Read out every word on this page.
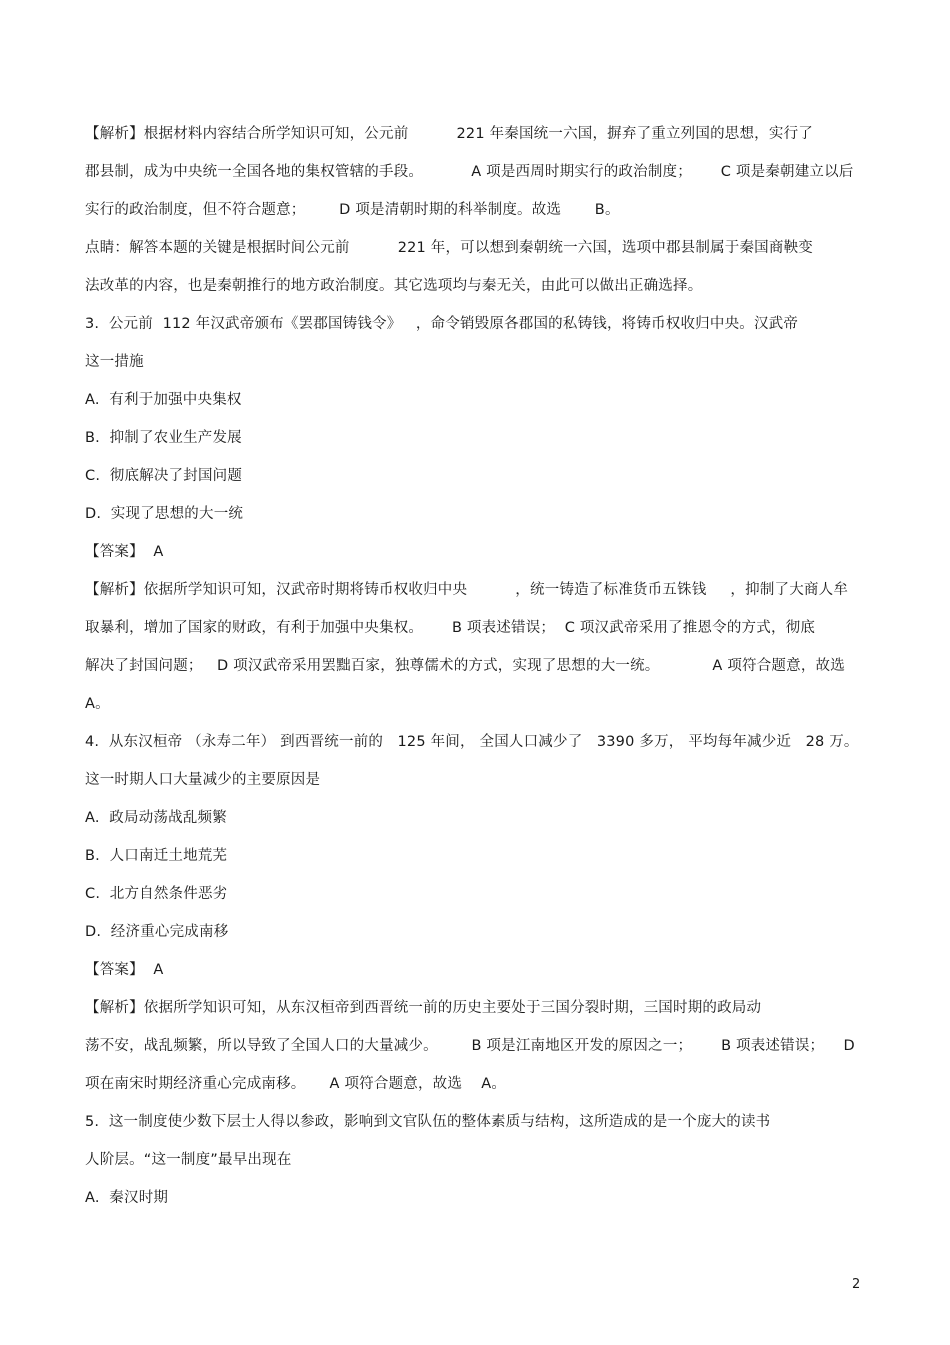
【解析】根据材料内容结合所学知识可知，公元前          221 年秦国统一六国，摒弃了重立列国的思想，实行了
郡县制，成为中央统一全国各地的集权管辖的手段。          A 项是西周时期实行的政治制度；      C 项是秦朝建立以后
实行的政治制度，但不符合题意；       D 项是清朝时期的科举制度。故选       B。
点睛：解答本题的关键是根据时间公元前          221 年，可以想到秦朝统一六国，选项中郡县制属于秦国商鞅变
法改革的内容，也是秦朝推行的地方政治制度。其它选项均与秦无关，由此可以做出正确选择。
3.  公元前  112 年汉武帝颁布《罢郡国铸钱令》   ，命令销毁原各郡国的私铸钱，将铸币权收归中央。汉武帝
这一措施
A.  有利于加强中央集权
B.  抑制了农业生产发展
C.  彻底解决了封国问题
D.  实现了思想的大一统
【答案】  A
【解析】依据所学知识可知，汉武帝时期将铸币权收归中央          ，统一铸造了标准货币五铢钱     ，抑制了大商人牟
取暴利，增加了国家的财政，有利于加强中央集权。      B 项表述错误；  C 项汉武帝采用了推恩令的方式，彻底
解决了封国问题；   D 项汉武帝采用罢黜百家，独尊儒术的方式，实现了思想的大一统。           A 项符合题意，故选
A。
4.  从东汉桓帝 （永寿二年） 到西晋统一前的   125 年间， 全国人口减少了   3390 多万， 平均每年减少近   28 万。
这一时期人口大量减少的主要原因是
A.  政局动荡战乱频繁
B.  人口南迁土地荒芜
C.  北方自然条件恶劣
D.  经济重心完成南移
【答案】  A
【解析】依据所学知识可知，从东汉桓帝到西晋统一前的历史主要处于三国分裂时期，三国时期的政局动
荡不安，战乱频繁，所以导致了全国人口的大量减少。       B 项是江南地区开发的原因之一；      B 项表述错误；    D
项在南宋时期经济重心完成南移。     A 项符合题意，故选    A。
5.  这一制度使少数下层士人得以参政，影响到文官队伍的整体素质与结构，这所造成的是一个庞大的读书
人阶层。“这一制度”最早出现在
A.  秦汉时期
2
